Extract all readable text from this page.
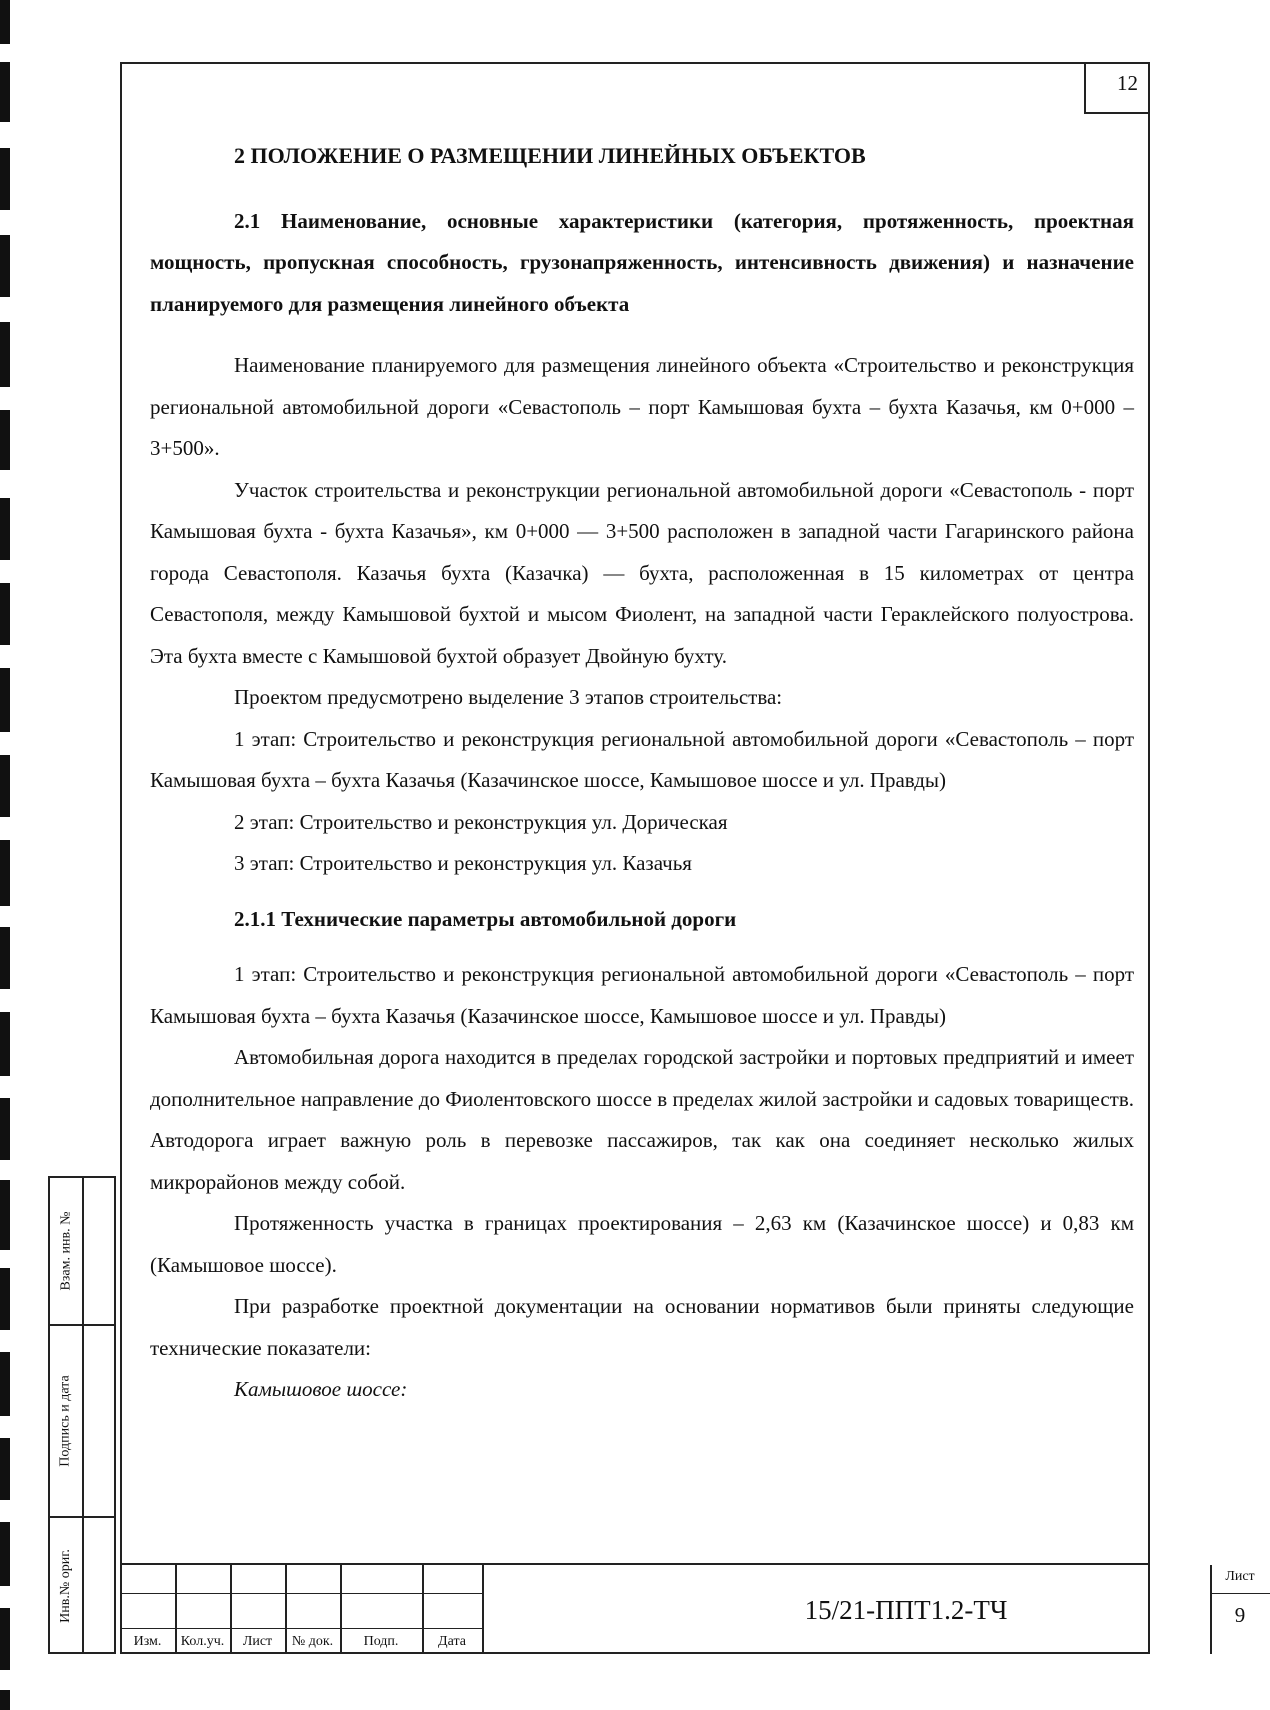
12

2 ПОЛОЖЕНИЕ О РАЗМЕЩЕНИИ ЛИНЕЙНЫХ ОБЪЕКТОВ

2.1 Наименование, основные характеристики (категория, протяженность, проектная мощность, пропускная способность, грузонапряженность, интенсивность движения) и назначение планируемого для размещения линейного объекта

Наименование планируемого для размещения линейного объекта «Строительство и реконструкция региональной автомобильной дороги «Севастополь – порт Камышовая бухта – бухта Казачья, км 0+000 – 3+500».

Участок строительства и реконструкции региональной автомобильной дороги «Севастополь - порт Камышовая бухта - бухта Казачья», км 0+000 — 3+500 расположен в западной части Гагаринского района города Севастополя. Казачья бухта (Казачка) — бухта, расположенная в 15 километрах от центра Севастополя, между Камышовой бухтой и мысом Фиолент, на западной части Гераклейского полуострова. Эта бухта вместе с Камышовой бухтой образует Двойную бухту.

Проектом предусмотрено выделение 3 этапов строительства:

1 этап: Строительство и реконструкция региональной автомобильной дороги «Севастополь – порт Камышовая бухта – бухта Казачья (Казачинское шоссе, Камышовое шоссе и ул. Правды)

2 этап: Строительство и реконструкция ул. Дорическая

3 этап: Строительство и реконструкция ул. Казачья

2.1.1 Технические параметры автомобильной дороги

1 этап: Строительство и реконструкция региональной автомобильной дороги «Севастополь – порт Камышовая бухта – бухта Казачья (Казачинское шоссе, Камышовое шоссе и ул. Правды)

Автомобильная дорога находится в пределах городской застройки и портовых предприятий и имеет дополнительное направление до Фиолентовского шоссе в пределах жилой застройки и садовых товариществ. Автодорога играет важную роль в перевозке пассажиров, так как она соединяет несколько жилых микрорайонов между собой.

Протяженность участка в границах проектирования – 2,63 км (Казачинское шоссе) и 0,83 км (Камышовое шоссе).

При разработке проектной документации на основании нормативов были приняты следующие технические показатели:

Камышовое шоссе:

Взам. инв. №
Подпись и дата
Инв.№ ориг.
Изм.	Кол.уч.	Лист	№ док.	Подп.	Дата
15/21-ППТ1.2-ТЧ
Лист
9
